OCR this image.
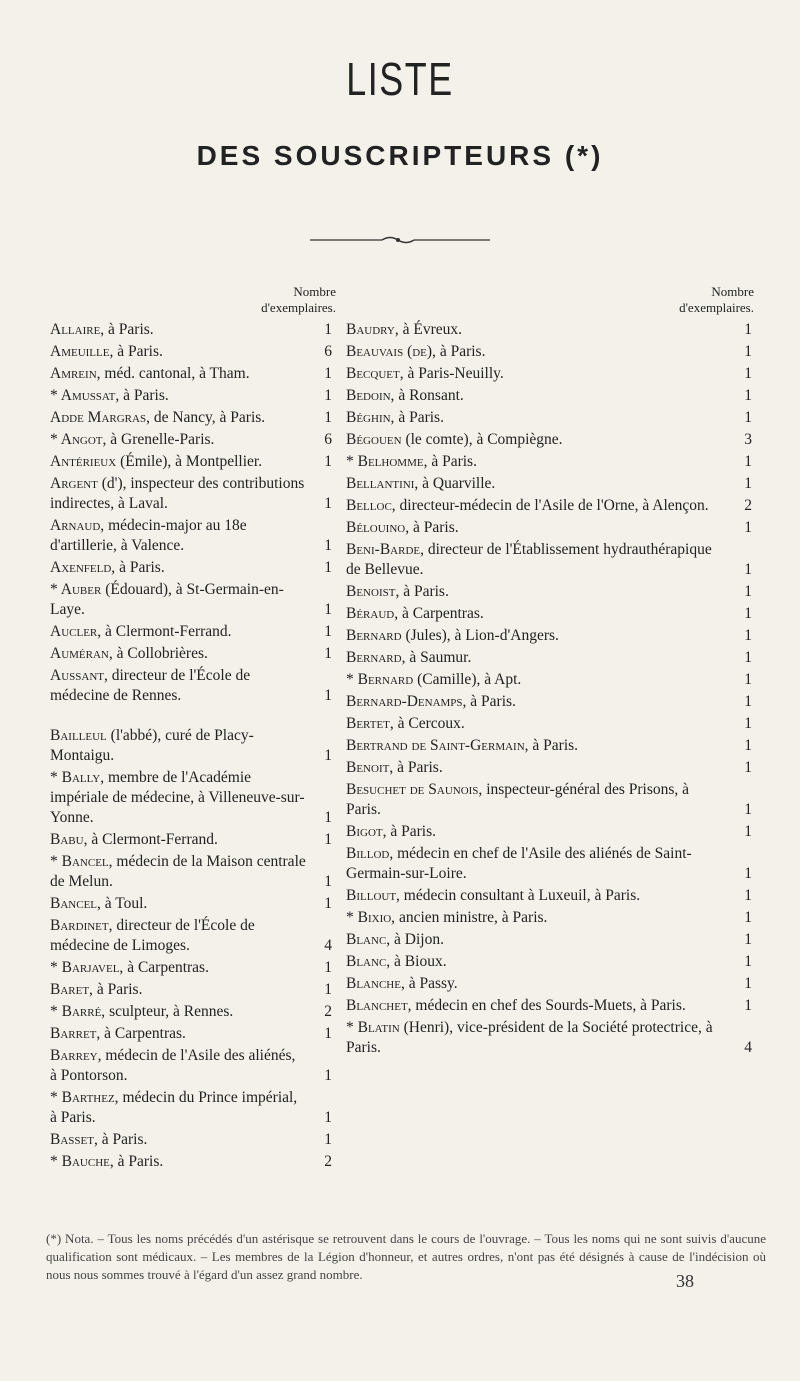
LISTE
DES SOUSCRIPTEURS (*)
Nombre
d'exemplaires.
Allaire, à Paris.	1
Ameuille, à Paris.	6
Amrein, méd. cantonal, à Tham.	1
* Amussat, à Paris.	1
Adde Margras, de Nancy, à Paris.	1
* Angot, à Grenelle-Paris.	6
Antérieux (Émile), à Montpellier.	1
Argent (d'), inspecteur des contributions indirectes, à Laval.	1
Arnaud, médecin-major au 18e d'artillerie, à Valence.	1
Axenfeld, à Paris.	1
* Auber (Édouard), à St-Germain-en-Laye.	1
Aucler, à Clermont-Ferrand.	1
Auméran, à Collobrières.	1
Aussant, directeur de l'École de médecine de Rennes.	1
Bailleul (l'abbé), curé de Placy-Montaigu.	1
* Bally, membre de l'Académie impériale de médecine, à Villeneuve-sur-Yonne.	1
Babu, à Clermont-Ferrand.	1
* Bancel, médecin de la Maison centrale de Melun.	1
Bancel, à Toul.	1
Bardinet, directeur de l'École de médecine de Limoges.	4
* Barjavel, à Carpentras.	1
Baret, à Paris.	1
* Barré, sculpteur, à Rennes.	2
Barret, à Carpentras.	1
Barrey, médecin de l'Asile des aliénés, à Pontorson.	1
* Barthez, médecin du Prince impérial, à Paris.	1
Basset, à Paris.	1
* Bauche, à Paris.	2
Nombre
d'exemplaires.
Baudry, à Évreux.	1
Beauvais (de), à Paris.	1
Becquet, à Paris-Neuilly.	1
Bedoin, à Ronsant.	1
Béghin, à Paris.	1
Bégouen (le comte), à Compiègne.	3
* Belhomme, à Paris.	1
Bellantini, à Quarville.	1
Belloc, directeur-médecin de l'Asile de l'Orne, à Alençon. 2
Bélouino, à Paris.	1
Beni-Barde, directeur de l'Établissement hydrauthérapique de Bellevue.	1
Benoist, à Paris.	1
Béraud, à Carpentras.	1
Bernard (Jules), à Lion-d'Angers.	1
Bernard, à Saumur.	1
* Bernard (Camille), à Apt.	1
Bernard-Denamps, à Paris.	1
Bertet, à Cercoux.	1
Bertrand de Saint-Germain, à Paris.	1
Benoit, à Paris.	1
Besuchet de Saunois, inspecteur-général des Prisons, à Paris.	1
Bigot, à Paris.	1
Billod, médecin en chef de l'Asile des aliénés de Saint-Germain-sur-Loire.	1
Billout, médecin consultant à Luxeuil, à Paris.	1
* Bixio, ancien ministre, à Paris.	1
Blanc, à Dijon.	1
Blanc, à Bioux.	1
Blanche, à Passy.	1
Blanchet, médecin en chef des Sourds-Muets, à Paris.	1
* Blatin (Henri), vice-président de la Société protectrice, à Paris.	4
(*) Nota. – Tous les noms précédés d'un astérisque se retrouvent dans le cours de l'ouvrage. – Tous les noms qui ne sont suivis d'aucune qualification sont médicaux. – Les membres de la Légion d'honneur, et autres ordres, n'ont pas été désignés à cause de l'indécision où nous nous sommes trouvé à l'égard d'un assez grand nombre.	38
